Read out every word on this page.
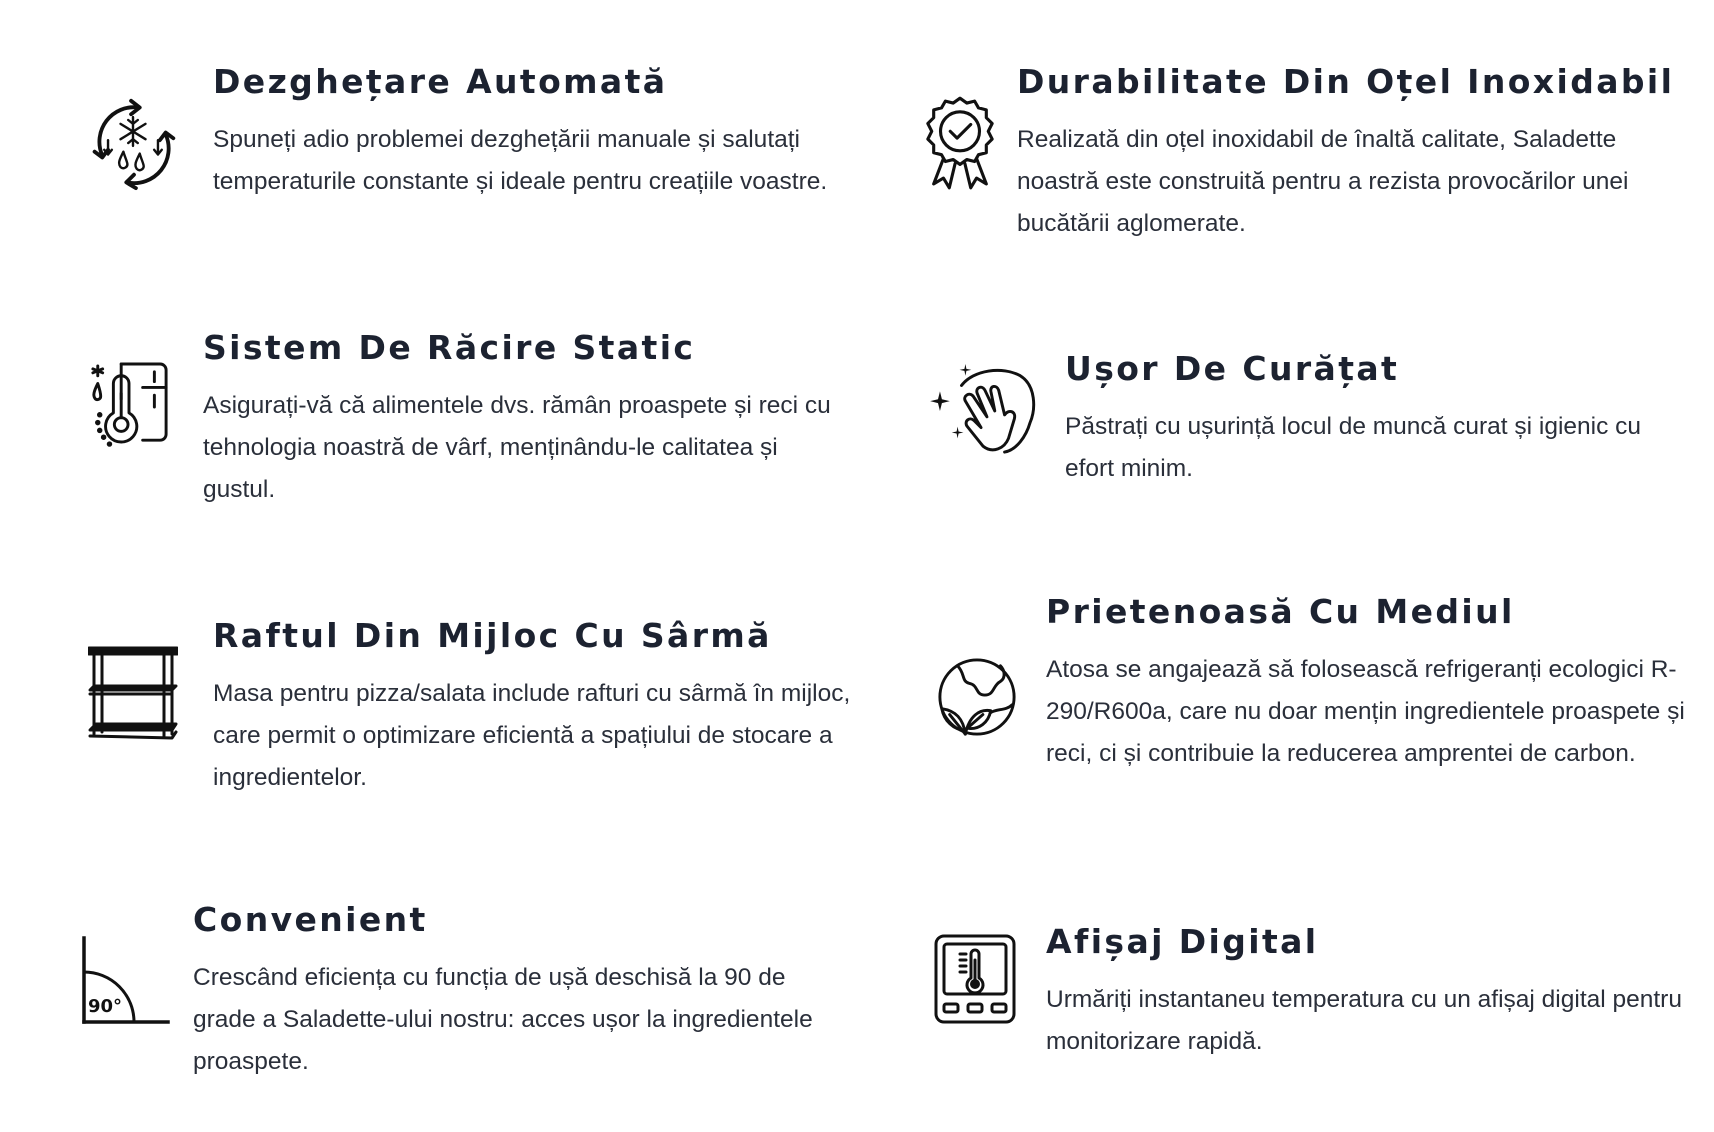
Dezghețare Automată

Spuneți adio problemei dezghețării manuale și salutați temperaturile constante și ideale pentru creațiile voastre.

Durabilitate Din Oțel Inoxidabil

Realizată din oțel inoxidabil de înaltă calitate, Saladette noastră este construită pentru a rezista provocărilor unei bucătării aglomerate.

Sistem De Răcire Static

Asigurați-vă că alimentele dvs. rămân proaspete și reci cu tehnologia noastră de vârf, menținându-le calitatea și gustul.

Ușor De Curățat

Păstrați cu ușurință locul de muncă curat și igienic cu efort minim.

Raftul Din Mijloc Cu Sârmă

Masa pentru pizza/salata include rafturi cu sârmă în mijloc, care permit o optimizare eficientă a spațiului de stocare a ingredientelor.

Prietenoasă Cu Mediul

Atosa se angajează să folosească refrigeranți ecologici R-290/R600a, care nu doar mențin ingredientele proaspete și reci, ci și contribuie la reducerea amprentei de carbon.

90°
Convenient

Crescând eficiența cu funcția de ușă deschisă la 90 de grade a Saladette-ului nostru: acces ușor la ingredientele proaspete.

Afișaj Digital

Urmăriți instantaneu temperatura cu un afișaj digital pentru monitorizare rapidă.
